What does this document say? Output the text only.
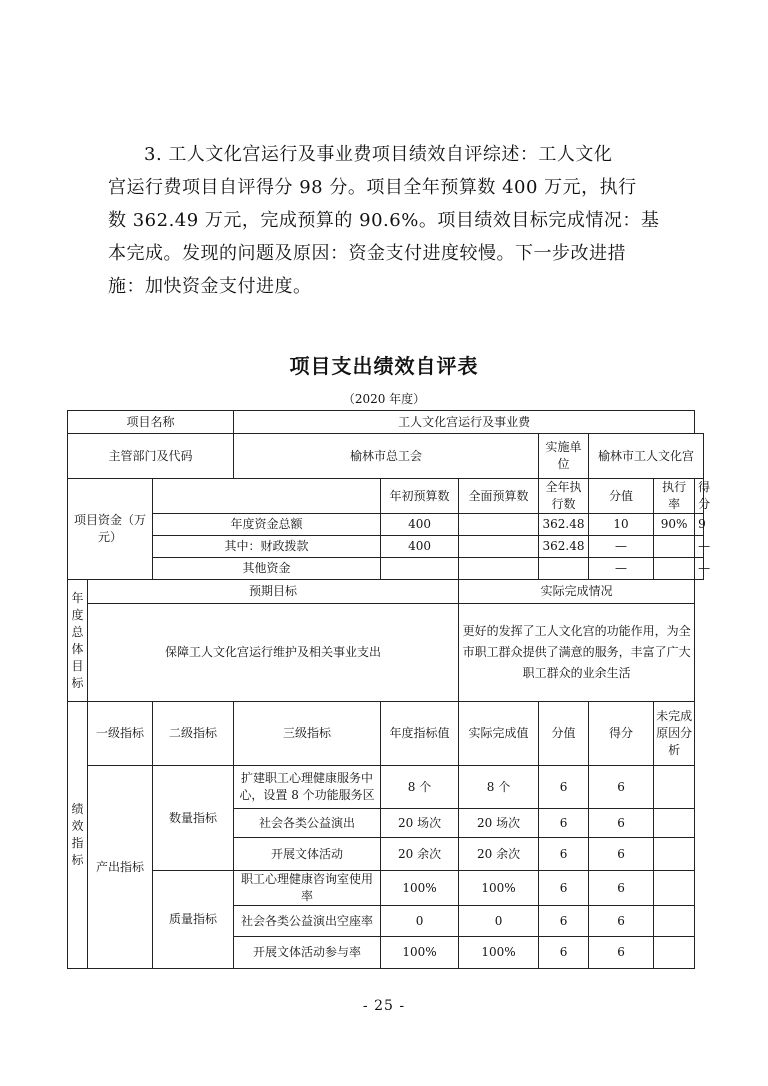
3. 工人文化宫运行及事业费项目绩效自评综述：工人文化
宫运行费项目自评得分 98 分。项目全年预算数 400 万元，执行
数 362.49 万元，完成预算的 90.6%。项目绩效目标完成情况：基
本完成。发现的问题及原因：资金支付进度较慢。下一步改进措
施：加快资金支付进度。
项目支出绩效自评表
（2020 年度）
项目名称			工人文化宫运行及事业费						
主管部门及代码			榆林市总工会			实施单位	榆林市工人文化宫		
项目资金（万元）				年初预算数	全面预算数	全年执行数	分值	执行率	得分
		年度资金总额		400		362.48	10	90%	9
		其中：财政拨款		400		362.48	—		—
		其他资金					—		—
年度总体目标	预期目标				实际完成情况				
	保障工人文化宫运行维护及相关事业支出				更好的发挥了工人文化宫的功能作用，为全市职工群众提供了满意的服务，丰富了广大职工群众的业余生活				
绩效指标	一级指标	二级指标	三级指标	年度指标值	实际完成值	分值	得分	未完成原因分析	
	产出指标	数量指标	扩建职工心理健康服务中心，设置 8 个功能服务区	8 个	8 个	6	6		
			社会各类公益演出	20 场次	20 场次	6	6		
			开展文体活动	20 余次	20 余次	6	6		
		质量指标	职工心理健康咨询室使用率	100%	100%	6	6		
			社会各类公益演出空座率	0	0	6	6		
			开展文体活动参与率	100%	100%	6	6		
- 25 -
